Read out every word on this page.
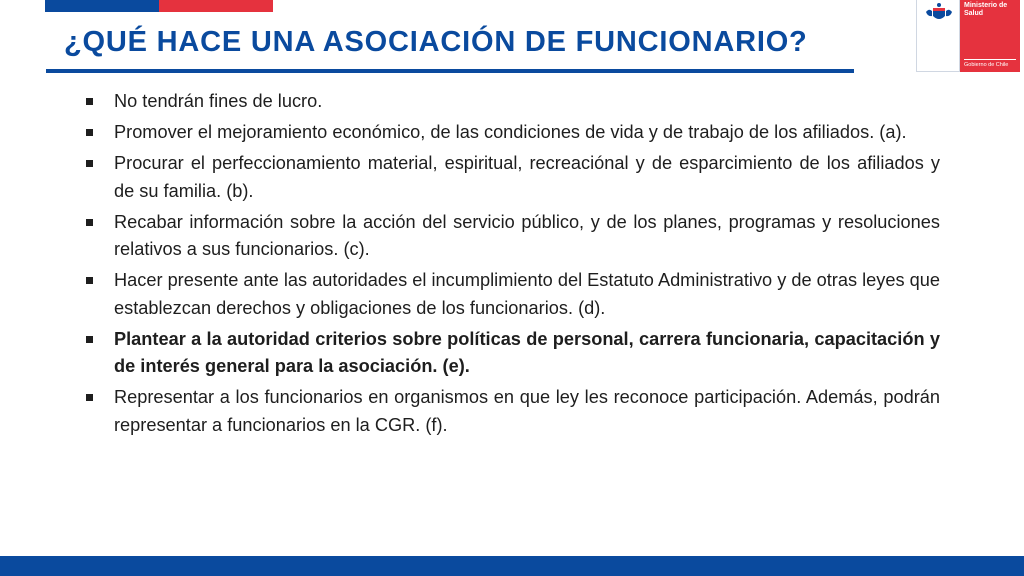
¿QUÉ HACE UNA ASOCIACIÓN DE FUNCIONARIO?
Ministerio de
Salud
Gobierno de Chile
No tendrán fines de lucro.
Promover el mejoramiento económico, de las condiciones de vida y de trabajo de los afiliados. (a).
Procurar el perfeccionamiento material, espiritual, recreaciónal y de esparcimiento de los afiliados y de su familia. (b).
Recabar información sobre la acción del servicio público, y de los planes, programas y resoluciones relativos a sus funcionarios. (c).
Hacer presente ante las autoridades el incumplimiento del Estatuto Administrativo y de otras leyes que establezcan derechos y obligaciones de los funcionarios. (d).
Plantear a la autoridad criterios sobre políticas de personal, carrera funcionaria, capacitación y de interés general para la asociación. (e).
Representar a los funcionarios en organismos en que ley les reconoce participación. Además, podrán representar a funcionarios en la CGR. (f).
